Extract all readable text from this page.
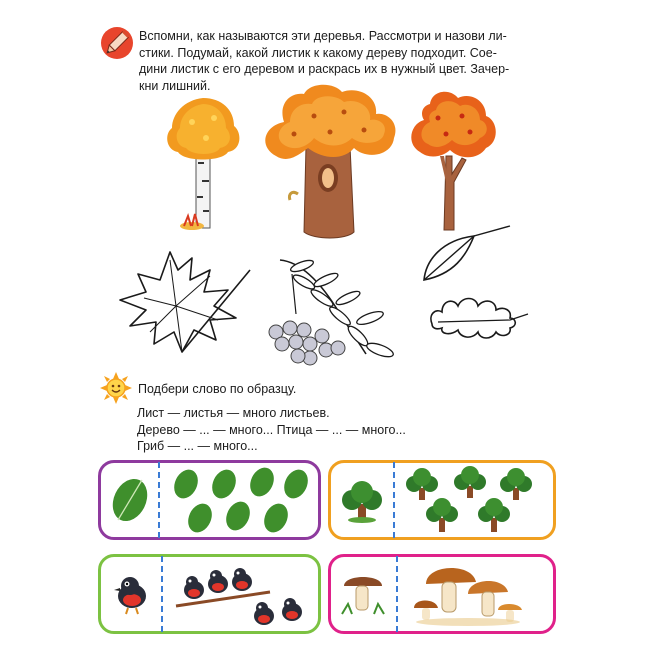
Вспомни, как называются эти деревья. Рассмотри и назови ли-
стики. Подумай, какой листик к какому дереву подходит. Сое-
дини листик с его деревом и раскрась их в нужный цвет. Зачер-
кни лишний.
Подбери слово по образцу.
Лист — листья — много листьев.
Дерево — ... — много... Птица — ... — много...
Гриб — ... — много...
